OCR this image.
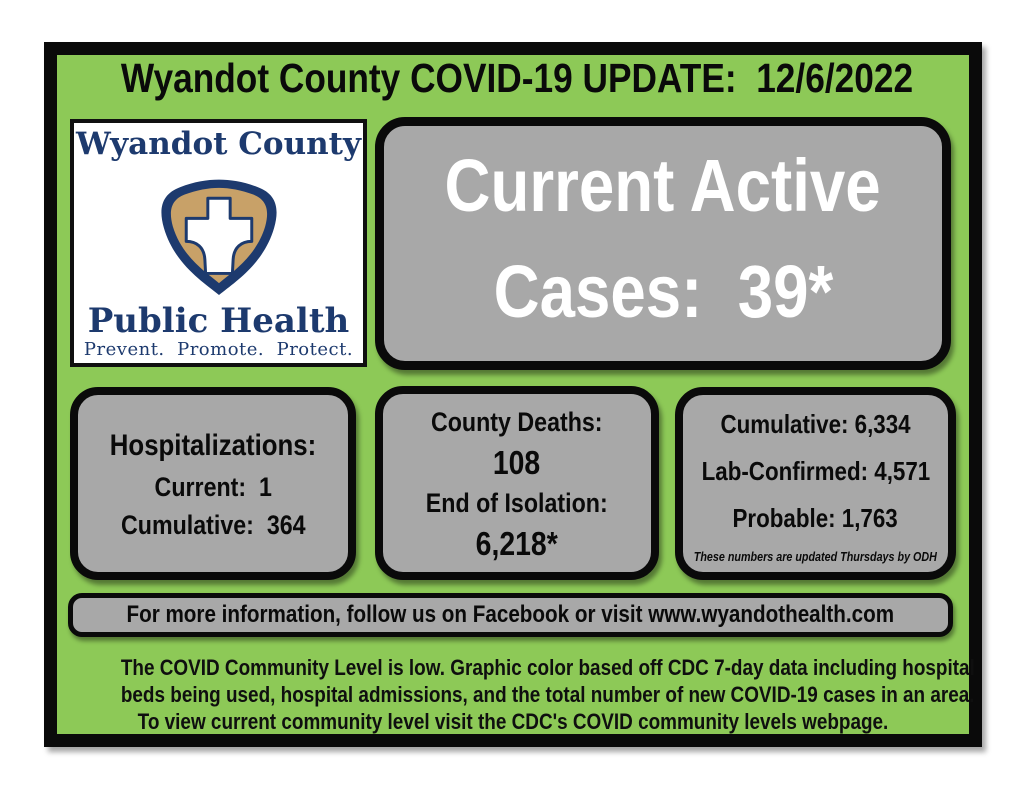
Wyandot County COVID-19 UPDATE:  12/6/2022
Wyandot County
Public Health
Prevent.  Promote.  Protect.
Current Active
Cases:  39*
Hospitalizations:
Current:  1
Cumulative:  364
County Deaths:
108
End of Isolation:
6,218*
Cumulative: 6,334
Lab-Confirmed: 4,571
Probable: 1,763
These numbers are updated Thursdays by ODH
For more information, follow us on Facebook or visit www.wyandothealth.com
The COVID Community Level is low. Graphic color based off CDC 7-day data including hospital
beds being used, hospital admissions, and the total number of new COVID-19 cases in an area.
To view current community level visit the CDC's COVID community levels webpage.
